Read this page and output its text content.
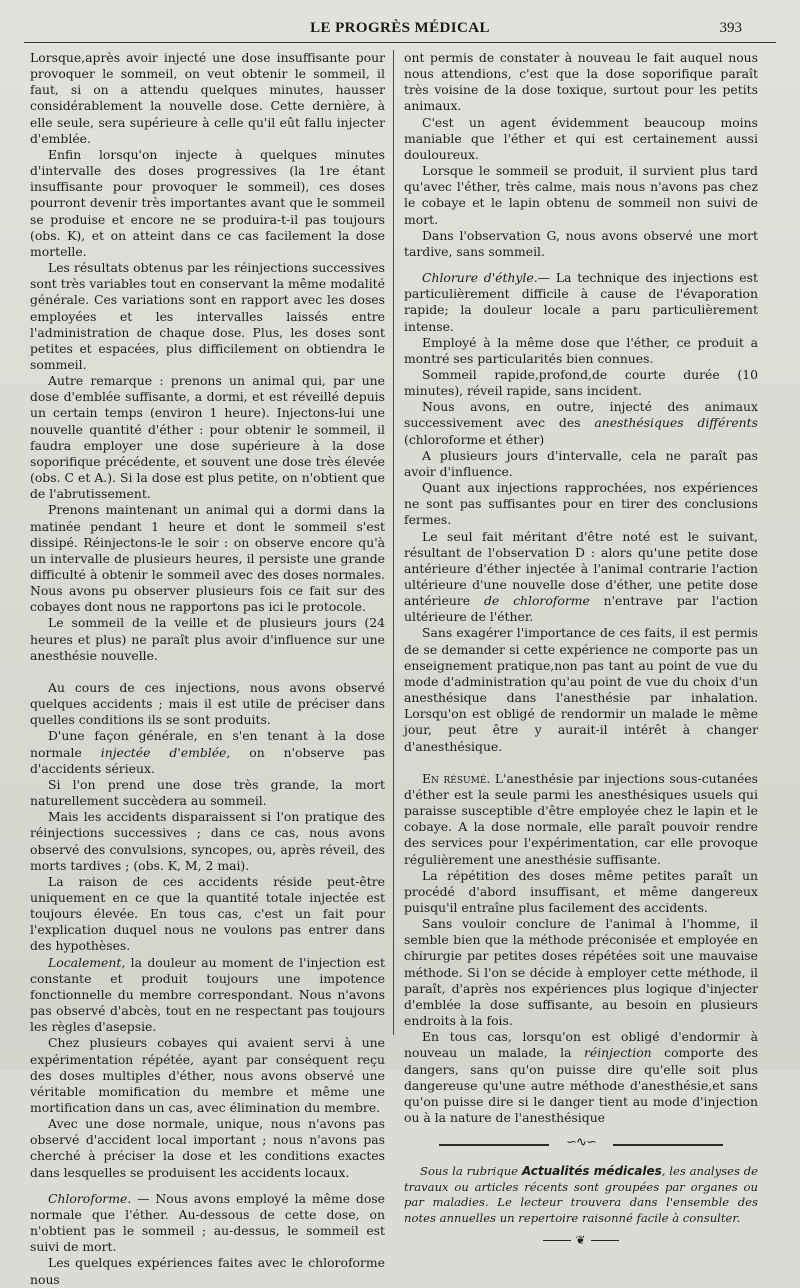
LE PROGRÈS MÉDICAL	393

Lorsque,après avoir injecté une dose insuffisante pour provoquer le sommeil, on veut obtenir le sommeil, il faut, si on a attendu quelques minutes, hausser considérablement la nouvelle dose. Cette dernière, à elle seule, sera supérieure à celle qu'il eût fallu injecter d'emblée.

Enfin lorsqu'on injecte à quelques minutes d'intervalle des doses progressives (la 1re étant insuffisante pour provoquer le sommeil), ces doses pourront devenir très importantes avant que le sommeil se produise et encore ne se produira-t-il pas toujours (obs. K), et on atteint dans ce cas facilement la dose mortelle.

Les résultats obtenus par les réinjections successives sont très variables tout en conservant la même modalité générale. Ces variations sont en rapport avec les doses employées et les intervalles laissés entre l'administration de chaque dose. Plus, les doses sont petites et espacées, plus difficilement on obtiendra le sommeil.

Autre remarque : prenons un animal qui, par une dose d'emblée suffisante, a dormi, et est réveillé depuis un certain temps (environ 1 heure). Injectons-lui une nouvelle quantité d'éther : pour obtenir le sommeil, il faudra employer une dose supérieure à la dose soporifique précédente, et souvent une dose très élevée (obs. C et A.). Si la dose est plus petite, on n'obtient que de l'abrutissement.

Prenons maintenant un animal qui a dormi dans la matinée pendant 1 heure et dont le sommeil s'est dissipé. Réinjectons-le le soir : on observe encore qu'à un intervalle de plusieurs heures, il persiste une grande difficulté à obtenir le sommeil avec des doses normales. Nous avons pu observer plusieurs fois ce fait sur des cobayes dont nous ne rapportons pas ici le protocole.

Le sommeil de la veille et de plusieurs jours (24 heures et plus) ne paraît plus avoir d'influence sur une anesthésie nouvelle.

Au cours de ces injections, nous avons observé quelques accidents ; mais il est utile de préciser dans quelles conditions ils se sont produits.

D'une façon générale, en s'en tenant à la dose normale injectée d'emblée, on n'observe pas d'accidents sérieux.

Si l'on prend une dose très grande, la mort naturellement succèdera au sommeil.

Mais les accidents disparaissent si l'on pratique des réinjections successives ; dans ce cas, nous avons observé des convulsions, syncopes, ou, après réveil, des morts tardives ; (obs. K, M, 2 mai).

La raison de ces accidents réside peut-être uniquement en ce que la quantité totale injectée est toujours élevée. En tous cas, c'est un fait pour l'explication duquel nous ne voulons pas entrer dans des hypothèses.

Localement, la douleur au moment de l'injection est constante et produit toujours une impotence fonctionnelle du membre correspondant. Nous n'avons pas observé d'abcès, tout en ne respectant pas toujours les règles d'asepsie.

Chez plusieurs cobayes qui avaient servi à une expérimentation répétée, ayant par conséquent reçu des doses multiples d'éther, nous avons observé une véritable momification du membre et même une mortification dans un cas, avec élimination du membre.

Avec une dose normale, unique, nous n'avons pas observé d'accident local important ; nous n'avons pas cherché à préciser la dose et les conditions exactes dans lesquelles se produisent les accidents locaux.

Chloroforme. — Nous avons employé la même dose normale que l'éther. Au-dessous de cette dose, on n'obtient pas le sommeil ; au-dessus, le sommeil est suivi de mort.

Les quelques expériences faites avec le chloroforme nous

ont permis de constater à nouveau le fait auquel nous nous attendions, c'est que la dose soporifique paraît très voisine de la dose toxique, surtout pour les petits animaux.

C'est un agent évidemment beaucoup moins maniable que l'éther et qui est certainement aussi douloureux.

Lorsque le sommeil se produit, il survient plus tard qu'avec l'éther, très calme, mais nous n'avons pas chez le cobaye et le lapin obtenu de sommeil non suivi de mort.

Dans l'observation G, nous avons observé une mort tardive, sans sommeil.

Chlorure d'éthyle.— La technique des injections est particulièrement difficile à cause de l'évaporation rapide; la douleur locale a paru particulièrement intense.

Employé à la même dose que l'éther, ce produit a montré ses particularités bien connues.

Sommeil rapide,profond,de courte durée (10 minutes), réveil rapide, sans incident.

Nous avons, en outre, injecté des animaux successivement avec des anesthésiques différents (chloroforme et éther)

A plusieurs jours d'intervalle, cela ne paraît pas avoir d'influence.

Quant aux injections rapprochées, nos expériences ne sont pas suffisantes pour en tirer des conclusions fermes.

Le seul fait méritant d'être noté est le suivant, résultant de l'observation D : alors qu'une petite dose antérieure d'éther injectée à l'animal contrarie l'action ultérieure d'une nouvelle dose d'éther, une petite dose antérieure de chloroforme n'entrave par l'action ultérieure de l'éther.

Sans exagérer l'importance de ces faits, il est permis de se demander si cette expérience ne comporte pas un enseignement pratique,non pas tant au point de vue du mode d'administration qu'au point de vue du choix d'un anesthésique dans l'anesthésie par inhalation. Lorsqu'on est obligé de rendormir un malade le même jour, peut être y aurait-il intérêt à changer d'anesthésique.

En résumé. L'anesthésie par injections sous-cutanées d'éther est la seule parmi les anesthésiques usuels qui paraisse susceptible d'être employée chez le lapin et le cobaye. A la dose normale, elle paraît pouvoir rendre des services pour l'expérimentation, car elle provoque régulièrement une anesthésie suffisante.

La répétition des doses même petites paraît un procédé d'abord insuffisant, et même dangereux puisqu'il entraîne plus facilement des accidents.

Sans vouloir conclure de l'animal à l'homme, il semble bien que la méthode préconisée et employée en chirurgie par petites doses répétées soit une mauvaise méthode. Si l'on se décide à employer cette méthode, il paraît, d'après nos expériences plus logique d'injecter d'emblée la dose suffisante, au besoin en plusieurs endroits à la fois.

En tous cas, lorsqu'on est obligé d'endormir à nouveau un malade, la réinjection comporte des dangers, sans qu'on puisse dire qu'elle soit plus dangereuse qu'une autre méthode d'anesthésie,et sans qu'on puisse dire si le danger tient au mode d'injection ou à la nature de l'anesthésique

∽∿∽

Sous la rubrique Actualités médicales, les analyses de travaux ou articles récents sont groupées par organes ou par maladies. Le lecteur trouvera dans l'ensemble des notes annuelles un repertoire raisonné facile à consulter.

❦
